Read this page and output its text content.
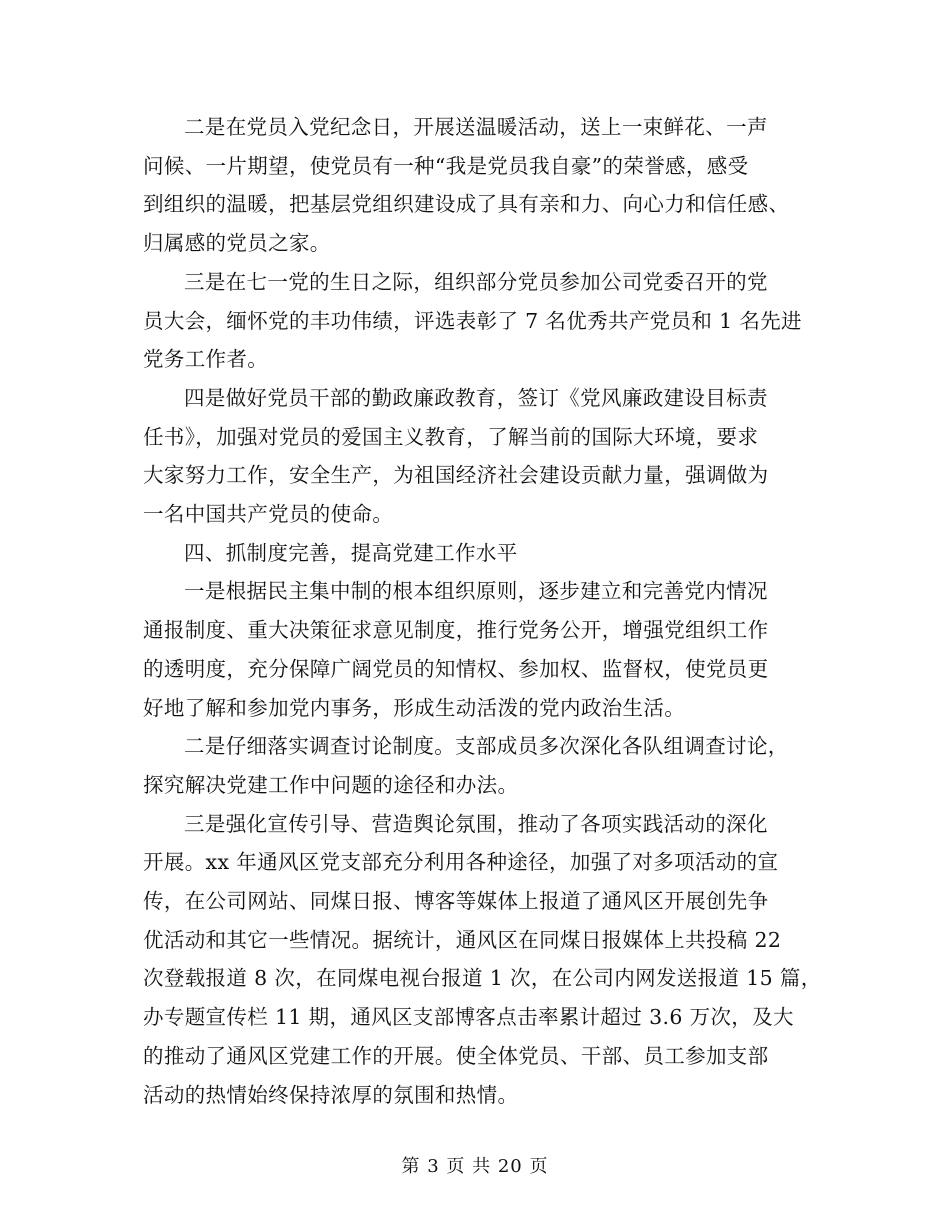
二是在党员入党纪念日，开展送温暖活动，送上一束鲜花、一声
问候、一片期望，使党员有一种“我是党员我自豪”的荣誉感，感受
到组织的温暖，把基层党组织建设成了具有亲和力、向心力和信任感、
归属感的党员之家。

三是在七一党的生日之际，组织部分党员参加公司党委召开的党
员大会，缅怀党的丰功伟绩，评选表彰了 7 名优秀共产党员和 1 名先进
党务工作者。

四是做好党员干部的勤政廉政教育，签订《党风廉政建设目标责
任书》，加强对党员的爱国主义教育，了解当前的国际大环境，要求
大家努力工作，安全生产，为祖国经济社会建设贡献力量，强调做为
一名中国共产党员的使命。

四、抓制度完善，提高党建工作水平

一是根据民主集中制的根本组织原则，逐步建立和完善党内情况
通报制度、重大决策征求意见制度，推行党务公开，增强党组织工作
的透明度，充分保障广阔党员的知情权、参加权、监督权，使党员更
好地了解和参加党内事务，形成生动活泼的党内政治生活。

二是仔细落实调查讨论制度。支部成员多次深化各队组调查讨论，
探究解决党建工作中问题的途径和办法。

三是强化宣传引导、营造舆论氛围，推动了各项实践活动的深化
开展。xx 年通风区党支部充分利用各种途径，加强了对多项活动的宣
传，在公司网站、同煤日报、博客等媒体上报道了通风区开展创先争
优活动和其它一些情况。据统计，通风区在同煤日报媒体上共投稿 22
次登载报道 8 次，在同煤电视台报道 1 次，在公司内网发送报道 15 篇，
办专题宣传栏 11 期，通风区支部博客点击率累计超过 3.6 万次，及大
的推动了通风区党建工作的开展。使全体党员、干部、员工参加支部
活动的热情始终保持浓厚的氛围和热情。

第 3 页 共 20 页
